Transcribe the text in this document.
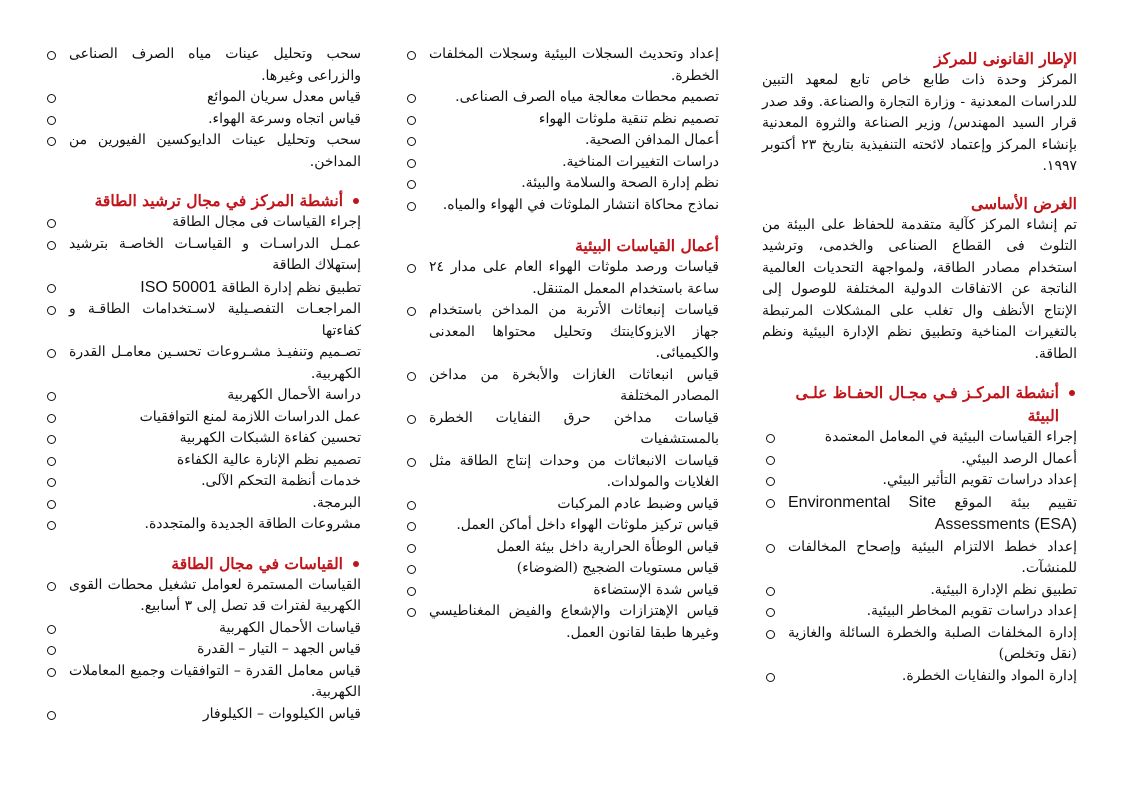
الإطار القانونى للمركز

المركز وحدة ذات طابع خاص تابع لمعهد التبين للدراسات المعدنية - وزارة التجارة والصناعة. وقد صدر قرار السيد المهندس/ وزير الصناعة والثروة المعدنية بإنشاء المركز وإعتماد لائحته التنفيذية بتاريخ ٢٣ أكتوبر ١٩٩٧.

الغرض الأساسى

تم إنشاء المركز كآلية متقدمة للحفاظ على البيئة من التلوث فى القطاع الصناعى والخدمى، وترشيد استخدام مصادر الطاقة، ولمواجهة التحديات العالمية الناتجة عن الاتفاقات الدولية المختلفة للوصول إلى الإنتاج الأنظف وال تغلب على المشكلات المرتبطة بالتغيرات المناخية وتطبيق نظم الإدارة البيئية ونظم الطاقة.

أنشطة المركـز فـي مجـال الحفـاظ علـى البيئة
إجراء القياسات البيئية في المعامل المعتمدة
أعمال الرصد البيئي.
إعداد دراسات تقويم التأثير البيئي.
تقييم بيئة الموقع Environmental Site Assessments (ESA)
إعداد خطط الالتزام البيئية وإصحاح المخالفات للمنشآت.
تطبيق نظم الإدارة البيئية.
إعداد دراسات تقويم المخاطر البيئية.
إدارة المخلفات الصلبة والخطرة السائلة والغازية (نقل وتخلص)
إدارة المواد والنفايات الخطرة.
إعداد وتحديث السجلات البيئية وسجلات المخلفات الخطرة.
تصميم محطات معالجة مياه الصرف الصناعى.
تصميم نظم تنقية ملوثات الهواء
أعمال المدافن الصحية.
دراسات التغييرات المناخية.
نظم إدارة الصحة والسلامة والبيئة.
نماذج محاكاة انتشار الملوثات في الهواء والمياه.
أعمال القياسات البيئية
قياسات ورصد ملوثات الهواء العام على مدار ٢٤ ساعة باستخدام المعمل المتنقل.
قياسات إنبعاثات الأتربة من المداخن باستخدام جهاز الايزوكاينتك وتحليل محتواها المعدنى والكيميائى.
قياس انبعاثات الغازات والأبخرة من مداخن المصادر المختلفة
قياسات مداخن حرق النفايات الخطرة بالمستشفيات
قياسات الانبعاثات من وحدات إنتاج الطاقة مثل الغلايات والمولدات.
قياس وضبط عادم المركبات
قياس تركيز ملوثات الهواء داخل أماكن العمل.
قياس الوطأة الحرارية داخل بيئة العمل
قياس مستويات الضجيج (الضوضاء)
قياس شدة الإستضاءة
قياس الإهتزازات والإشعاع والفيض المغناطيسي وغيرها طبقا لقانون العمل.
سحب وتحليل عينات مياه الصرف الصناعى والزراعى وغيرها.
قياس معدل سريان الموائع
قياس اتجاه وسرعة الهواء.
سحب وتحليل عينات الدايوكسين الفيورين من المداخن.
أنشطة المركز في مجال ترشيد الطاقة
إجراء القياسات فى مجال الطاقة
عمـل الدراسـات و القياسـات الخاصـة بترشيد إستهلاك الطاقة
تطبيق نظم إدارة الطاقة ISO 50001
المراجعـات التفصـيلية لاسـتخدامات الطاقـة و كفاءتها
تصـميم وتنفيـذ مشـروعات تحسـين معامـل القدرة الكهربية.
دراسة الأحمال الكهربية
عمل الدراسات اللازمة لمنع التوافقيات
تحسين كفاءة الشبكات الكهربية
تصميم نظم الإنارة عالية الكفاءة
خدمات أنظمة التحكم الآلى.
البرمجة.
مشروعات الطاقة الجديدة والمتجددة.
القياسات في مجال الطاقة
القياسات المستمرة لعوامل تشغيل محطات القوى الكهربية لفترات قد تصل إلى ٣ أسابيع.
قياسات الأحمال الكهربية
قياس الجهد – التيار – القدرة
قياس معامل القدرة – التوافقيات وجميع المعاملات الكهربية.
قياس الكيلووات – الكيلوفار
